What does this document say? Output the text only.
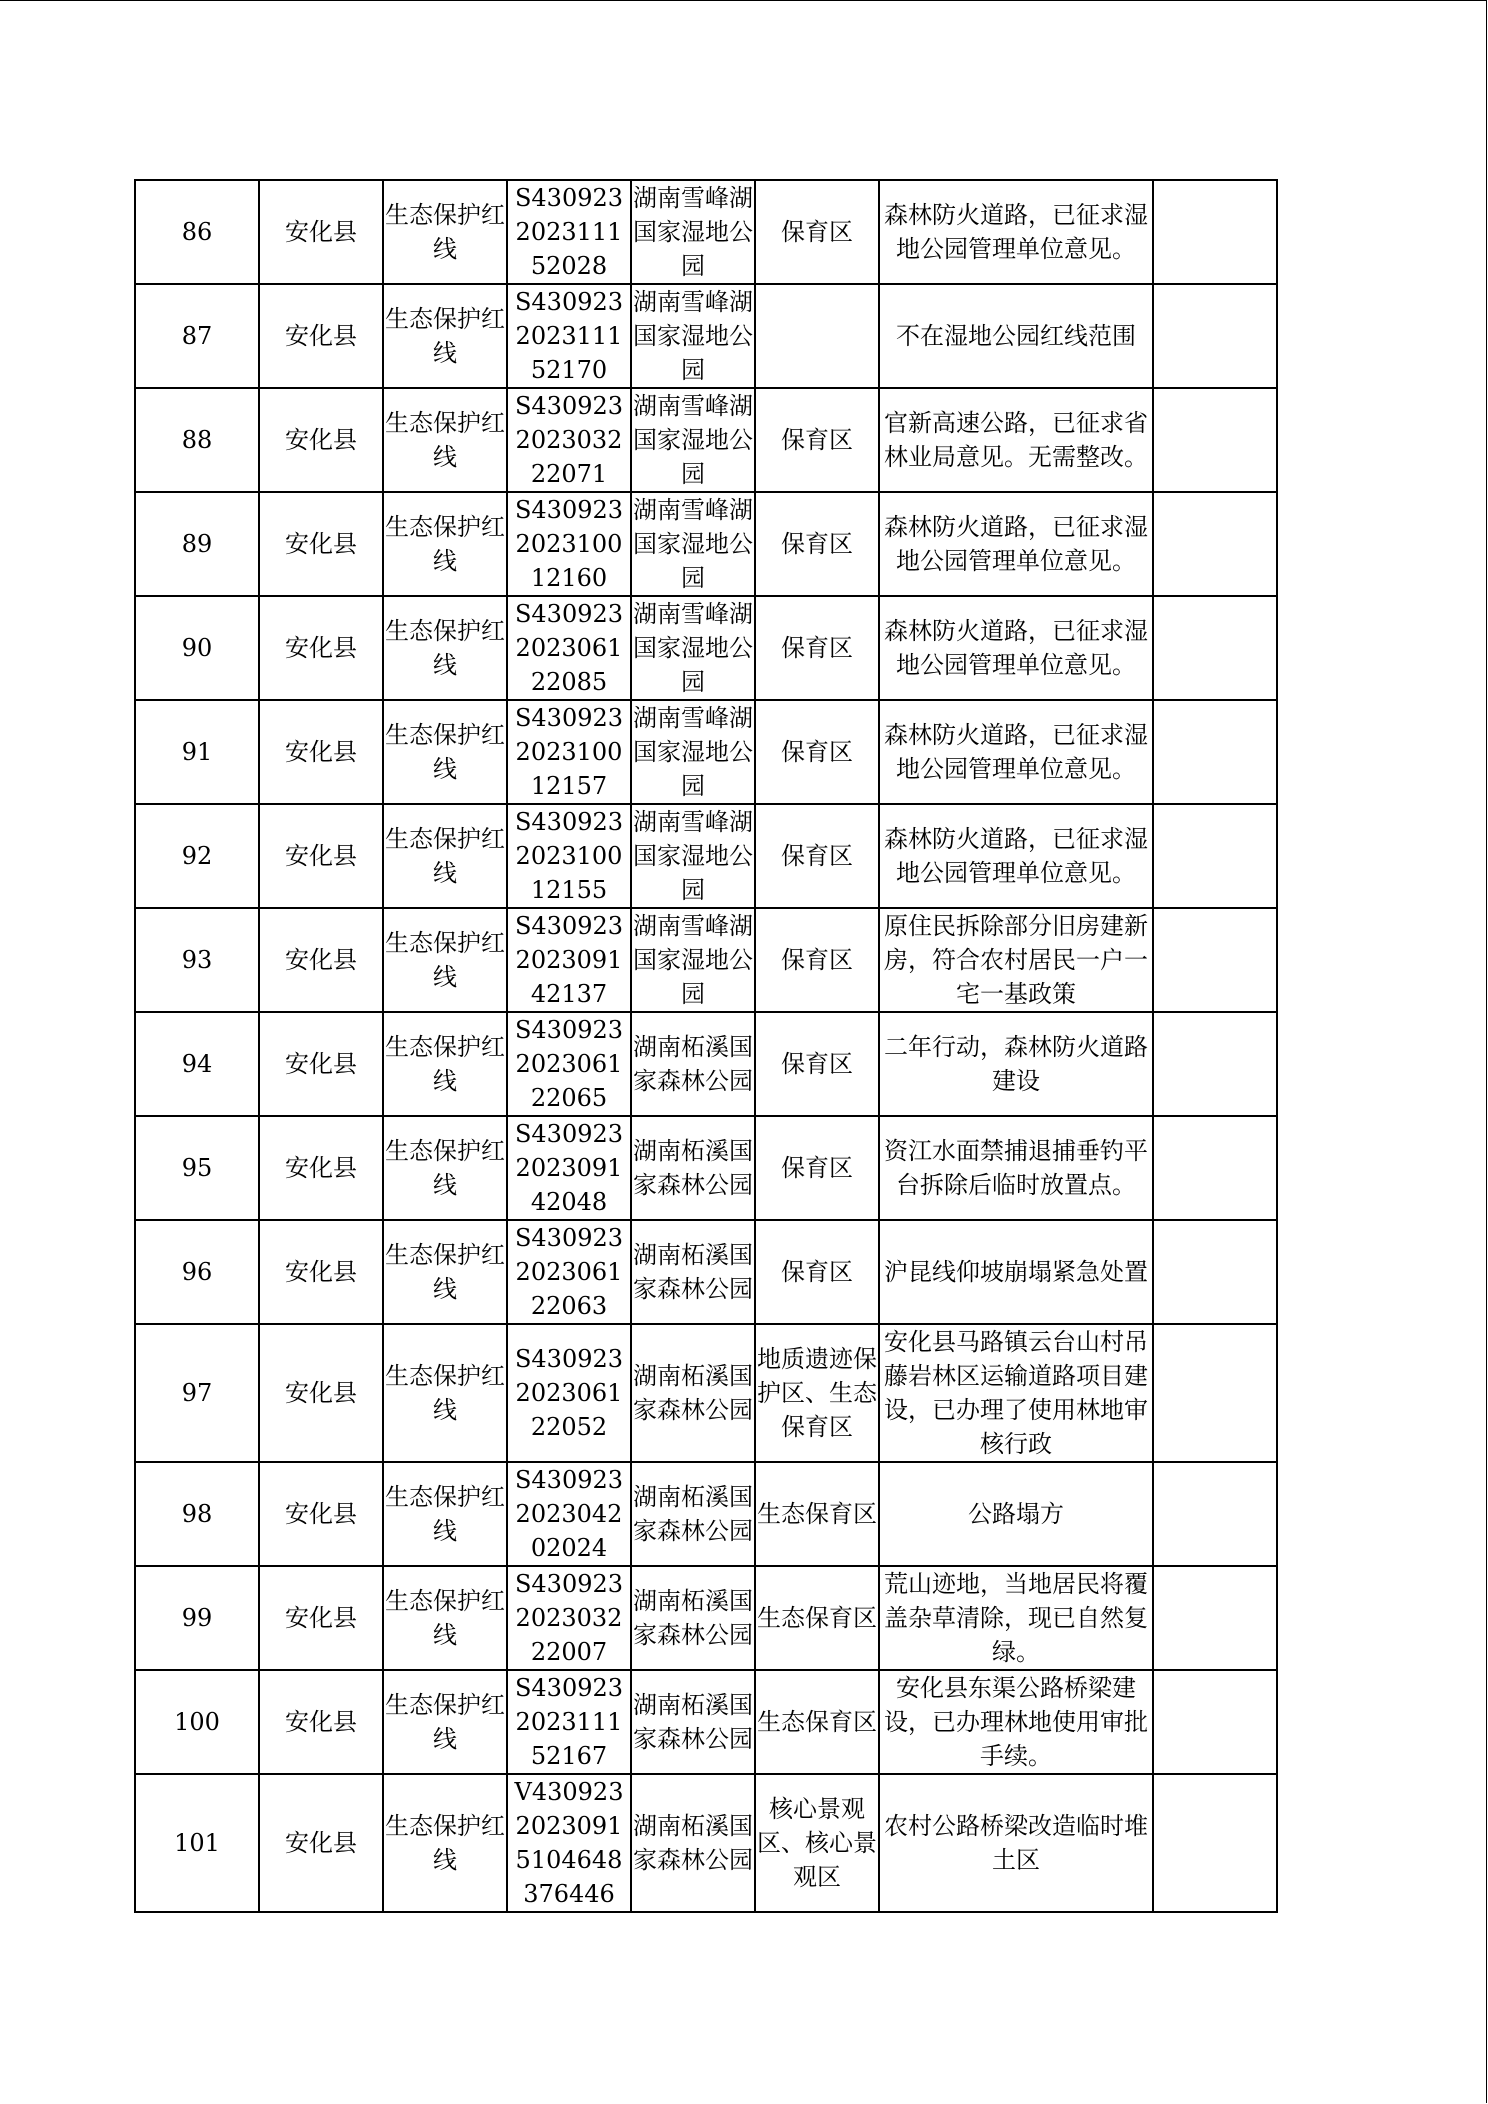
86	安化县	生态保护红线	S430923202311152028	湖南雪峰湖国家湿地公园	保育区	森林防火道路，已征求湿地公园管理单位意见。	
87	安化县	生态保护红线	S430923202311152170	湖南雪峰湖国家湿地公园		不在湿地公园红线范围	
88	安化县	生态保护红线	S430923202303222071	湖南雪峰湖国家湿地公园	保育区	官新高速公路，已征求省林业局意见。无需整改。	
89	安化县	生态保护红线	S430923202310012160	湖南雪峰湖国家湿地公园	保育区	森林防火道路，已征求湿地公园管理单位意见。	
90	安化县	生态保护红线	S430923202306122085	湖南雪峰湖国家湿地公园	保育区	森林防火道路，已征求湿地公园管理单位意见。	
91	安化县	生态保护红线	S430923202310012157	湖南雪峰湖国家湿地公园	保育区	森林防火道路，已征求湿地公园管理单位意见。	
92	安化县	生态保护红线	S430923202310012155	湖南雪峰湖国家湿地公园	保育区	森林防火道路，已征求湿地公园管理单位意见。	
93	安化县	生态保护红线	S430923202309142137	湖南雪峰湖国家湿地公园	保育区	原住民拆除部分旧房建新房，符合农村居民一户一宅一基政策	
94	安化县	生态保护红线	S430923202306122065	湖南柘溪国家森林公园	保育区	二年行动，森林防火道路建设	
95	安化县	生态保护红线	S430923202309142048	湖南柘溪国家森林公园	保育区	资江水面禁捕退捕垂钓平台拆除后临时放置点。	
96	安化县	生态保护红线	S430923202306122063	湖南柘溪国家森林公园	保育区	沪昆线仰坡崩塌紧急处置	
97	安化县	生态保护红线	S430923202306122052	湖南柘溪国家森林公园	地质遗迹保护区、生态保育区	安化县马路镇云台山村吊藤岩林区运输道路项目建设，已办理了使用林地审核行政	
98	安化县	生态保护红线	S430923202304202024	湖南柘溪国家森林公园	生态保育区	公路塌方	
99	安化县	生态保护红线	S430923202303222007	湖南柘溪国家森林公园	生态保育区	荒山迹地，当地居民将覆盖杂草清除，现已自然复绿。	
100	安化县	生态保护红线	S430923202311152167	湖南柘溪国家森林公园	生态保育区	安化县东渠公路桥梁建设，已办理林地使用审批手续。	
101	安化县	生态保护红线	V43092320230915104648376446	湖南柘溪国家森林公园	核心景观区、核心景观区	农村公路桥梁改造临时堆土区	
